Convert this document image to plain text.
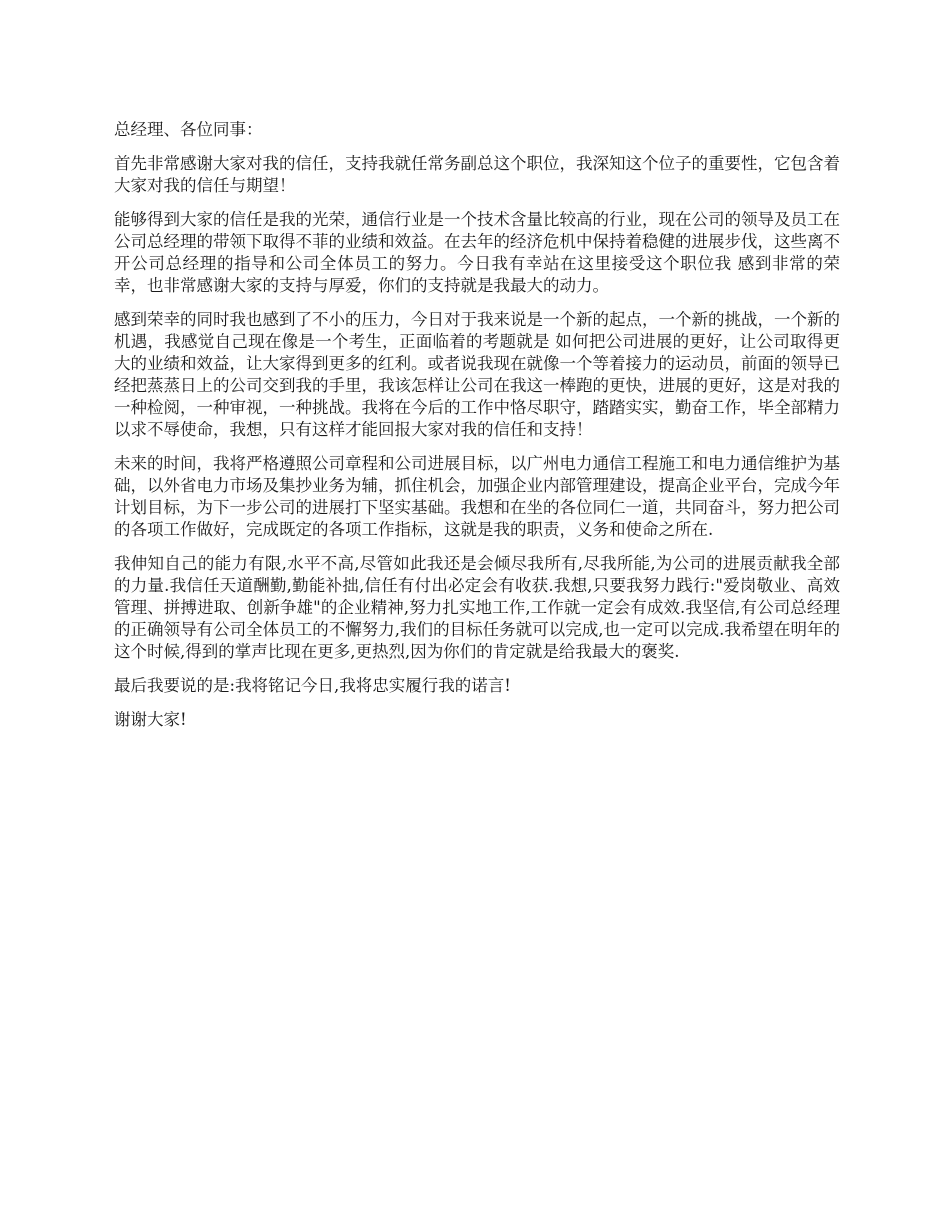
总经理、各位同事：

首先非常感谢大家对我的信任，支持我就任常务副总这个职位，我深知这个位子的重要性，它包含着大家对我的信任与期望！

能够得到大家的信任是我的光荣，通信行业是一个技术含量比较高的行业，现在公司的领导及员工在公司总经理的带领下取得不菲的业绩和效益。在去年的经济危机中保持着稳健的进展步伐，这些离不开公司总经理的指导和公司全体员工的努力。今日我有幸站在这里接受这个职位我 感到非常的荣幸，也非常感谢大家的支持与厚爱，你们的支持就是我最大的动力。

感到荣幸的同时我也感到了不小的压力，今日对于我来说是一个新的起点，一个新的挑战，一个新的机遇，我感觉自己现在像是一个考生，正面临着的考题就是 如何把公司进展的更好，让公司取得更大的业绩和效益，让大家得到更多的红利。或者说我现在就像一个等着接力的运动员，前面的领导已经把蒸蒸日上的公司交到我的手里，我该怎样让公司在我这一棒跑的更快，进展的更好，这是对我的一种检阅，一种审视，一种挑战。我将在今后的工作中恪尽职守，踏踏实实，勤奋工作，毕全部精力以求不辱使命，我想，只有这样才能回报大家对我的信任和支持！

未来的时间，我将严格遵照公司章程和公司进展目标，以广州电力通信工程施工和电力通信维护为基础，以外省电力市场及集抄业务为辅，抓住机会，加强企业内部管理建设，提高企业平台，完成今年计划目标，为下一步公司的进展打下坚实基础。我想和在坐的各位同仁一道，共同奋斗，努力把公司的各项工作做好，完成既定的各项工作指标，这就是我的职责，义务和使命之所在.

我伸知自己的能力有限,水平不高,尽管如此我还是会倾尽我所有,尽我所能,为公司的进展贡献我全部的力量.我信任天道酬勤,勤能补拙,信任有付出必定会有收获.我想,只要我努力践行:"爱岗敬业、高效管理、拼搏进取、创新争雄"的企业精神,努力扎实地工作,工作就一定会有成效.我坚信,有公司总经理的正确领导有公司全体员工的不懈努力,我们的目标任务就可以完成,也一定可以完成.我希望在明年的这个时候,得到的掌声比现在更多,更热烈,因为你们的肯定就是给我最大的褒奖.

最后我要说的是:我将铭记今日,我将忠实履行我的诺言!

谢谢大家!
